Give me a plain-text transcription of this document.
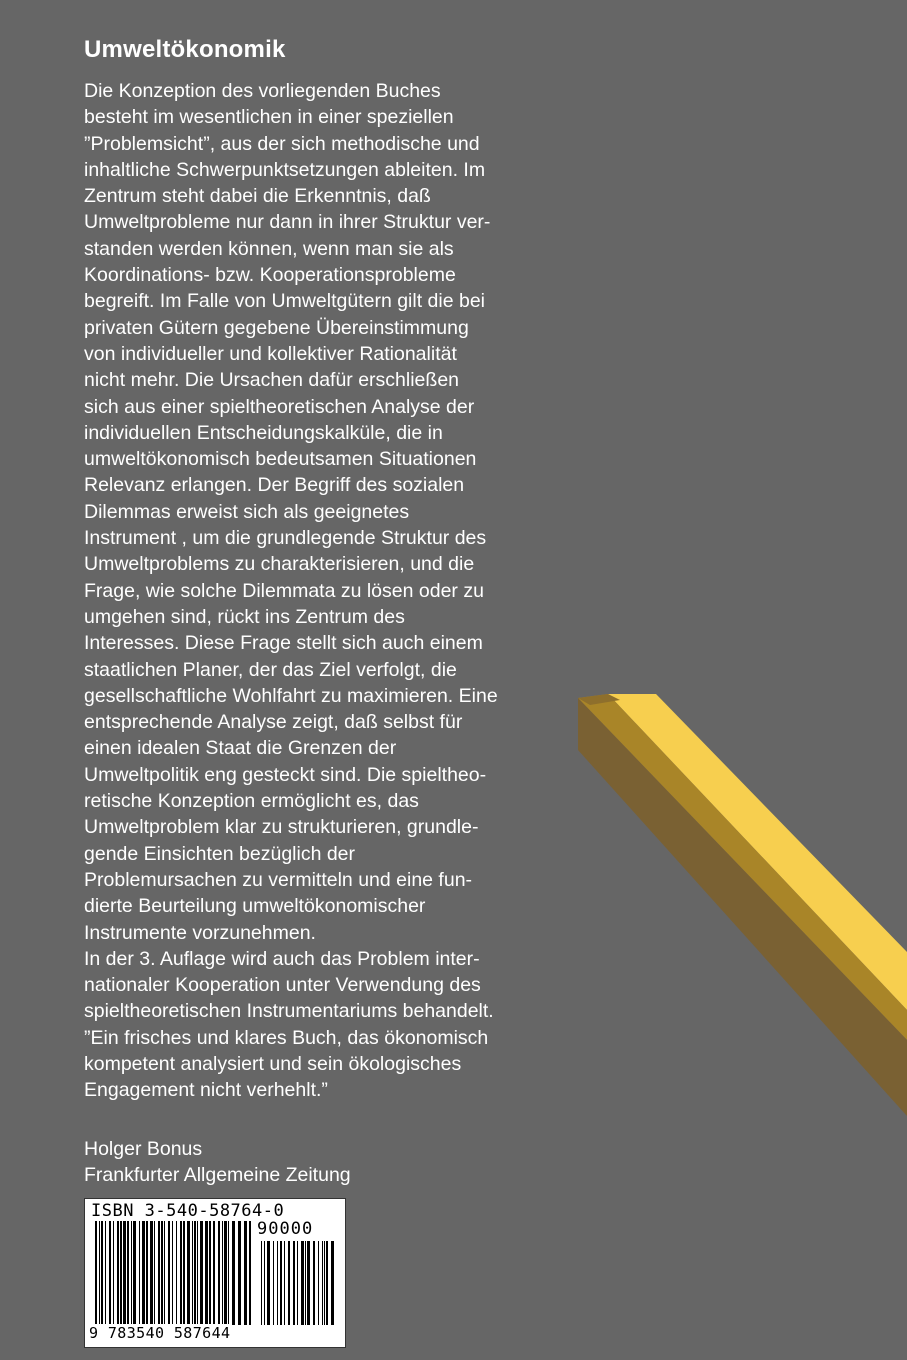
Umweltökonomik
Die Konzeption des vorliegenden Buches
besteht im wesentlichen in einer speziellen
”Problemsicht”, aus der sich methodische und
inhaltliche Schwerpunktsetzungen ableiten. Im
Zentrum steht dabei die Erkenntnis, daß
Umweltprobleme nur dann in ihrer Struktur ver-
standen werden können, wenn man sie als
Koordinations- bzw. Kooperationsprobleme
begreift. Im Falle von Umweltgütern gilt die bei
privaten Gütern gegebene Übereinstimmung
von individueller und kollektiver Rationalität
nicht mehr. Die Ursachen dafür erschließen
sich aus einer spieltheoretischen Analyse der
individuellen Entscheidungskalküle, die in
umweltökonomisch bedeutsamen Situationen
Relevanz erlangen. Der Begriff des sozialen
Dilemmas erweist sich als geeignetes
Instrument , um die grundlegende Struktur des
Umweltproblems zu charakterisieren, und die
Frage, wie solche Dilemmata zu lösen oder zu
umgehen sind, rückt ins Zentrum des
Interesses. Diese Frage stellt sich auch einem
staatlichen Planer, der das Ziel verfolgt, die
gesellschaftliche Wohlfahrt zu maximieren. Eine
entsprechende Analyse zeigt, daß selbst für
einen idealen Staat die Grenzen der
Umweltpolitik eng gesteckt sind. Die spieltheo-
retische Konzeption ermöglicht es, das
Umweltproblem klar zu strukturieren, grundle-
gende Einsichten bezüglich der
Problemursachen zu vermitteln und eine fun-
dierte Beurteilung umweltökonomischer
Instrumente vorzunehmen.
In der 3. Auflage wird auch das Problem inter-
nationaler Kooperation unter Verwendung des
spieltheoretischen Instrumentariums behandelt.
”Ein frisches und klares Buch, das ökonomisch
kompetent analysiert und sein ökologisches
Engagement nicht verhehlt.”
Holger Bonus
Frankfurter Allgemeine Zeitung
ISBN 3-540-58764-0
90000
9 783540 587644
